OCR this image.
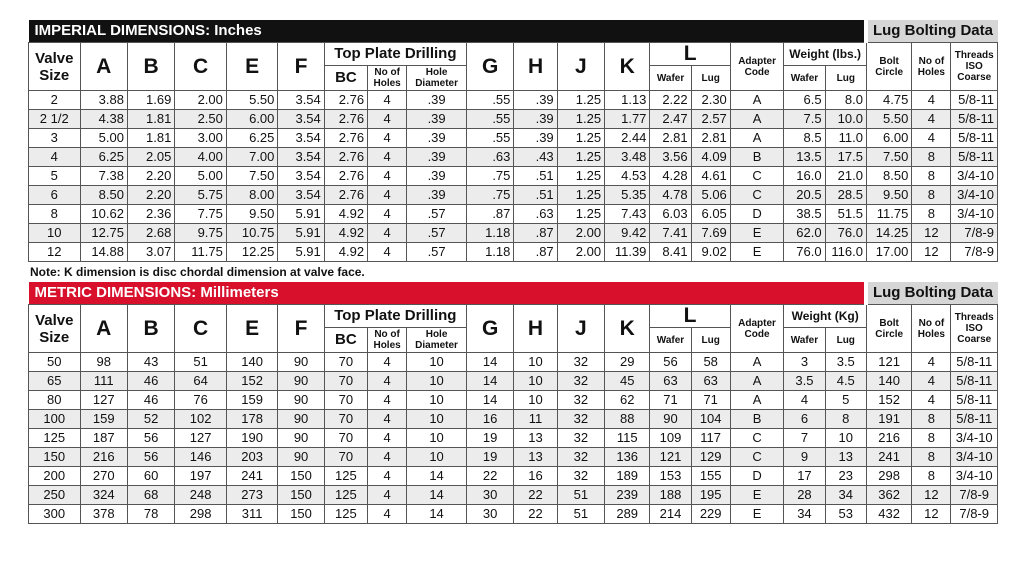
IMPERIAL DIMENSIONS: Inches																		Lug Bolting Data		
Valve Size	A	B	C	E	F	Top Plate Drilling			G	H	J	K	L		Adapter Code	Weight (lbs.)		Bolt Circle	No of Holes	Threads ISO Coarse
						BC	No of Holes	Hole Diameter					Wafer	Lug		Wafer	Lug			
2	3.88	1.69	2.00	5.50	3.54	2.76	4	.39	.55	.39	1.25	1.13	2.22	2.30	A	6.5	8.0	4.75	4	5/8-11
2 1/2	4.38	1.81	2.50	6.00	3.54	2.76	4	.39	.55	.39	1.25	1.77	2.47	2.57	A	7.5	10.0	5.50	4	5/8-11
3	5.00	1.81	3.00	6.25	3.54	2.76	4	.39	.55	.39	1.25	2.44	2.81	2.81	A	8.5	11.0	6.00	4	5/8-11
4	6.25	2.05	4.00	7.00	3.54	2.76	4	.39	.63	.43	1.25	3.48	3.56	4.09	B	13.5	17.5	7.50	8	5/8-11
5	7.38	2.20	5.00	7.50	3.54	2.76	4	.39	.75	.51	1.25	4.53	4.28	4.61	C	16.0	21.0	8.50	8	3/4-10
6	8.50	2.20	5.75	8.00	3.54	2.76	4	.39	.75	.51	1.25	5.35	4.78	5.06	C	20.5	28.5	9.50	8	3/4-10
8	10.62	2.36	7.75	9.50	5.91	4.92	4	.57	.87	.63	1.25	7.43	6.03	6.05	D	38.5	51.5	11.75	8	3/4-10
10	12.75	2.68	9.75	10.75	5.91	4.92	4	.57	1.18	.87	2.00	9.42	7.41	7.69	E	62.0	76.0	14.25	12	7/8-9
12	14.88	3.07	11.75	12.25	5.91	4.92	4	.57	1.18	.87	2.00	11.39	8.41	9.02	E	76.0	116.0	17.00	12	7/8-9
Note: K dimension is disc chordal dimension at valve face.
METRIC DIMENSIONS: Millimeters																		Lug Bolting Data		
Valve Size	A	B	C	E	F	Top Plate Drilling			G	H	J	K	L		Adapter Code	Weight (Kg)		Bolt Circle	No of Holes	Threads ISO Coarse
						BC	No of Holes	Hole Diameter					Wafer	Lug		Wafer	Lug			
50	98	43	51	140	90	70	4	10	14	10	32	29	56	58	A	3	3.5	121	4	5/8-11
65	111	46	64	152	90	70	4	10	14	10	32	45	63	63	A	3.5	4.5	140	4	5/8-11
80	127	46	76	159	90	70	4	10	14	10	32	62	71	71	A	4	5	152	4	5/8-11
100	159	52	102	178	90	70	4	10	16	11	32	88	90	104	B	6	8	191	8	5/8-11
125	187	56	127	190	90	70	4	10	19	13	32	115	109	117	C	7	10	216	8	3/4-10
150	216	56	146	203	90	70	4	10	19	13	32	136	121	129	C	9	13	241	8	3/4-10
200	270	60	197	241	150	125	4	14	22	16	32	189	153	155	D	17	23	298	8	3/4-10
250	324	68	248	273	150	125	4	14	30	22	51	239	188	195	E	28	34	362	12	7/8-9
300	378	78	298	311	150	125	4	14	30	22	51	289	214	229	E	34	53	432	12	7/8-9
